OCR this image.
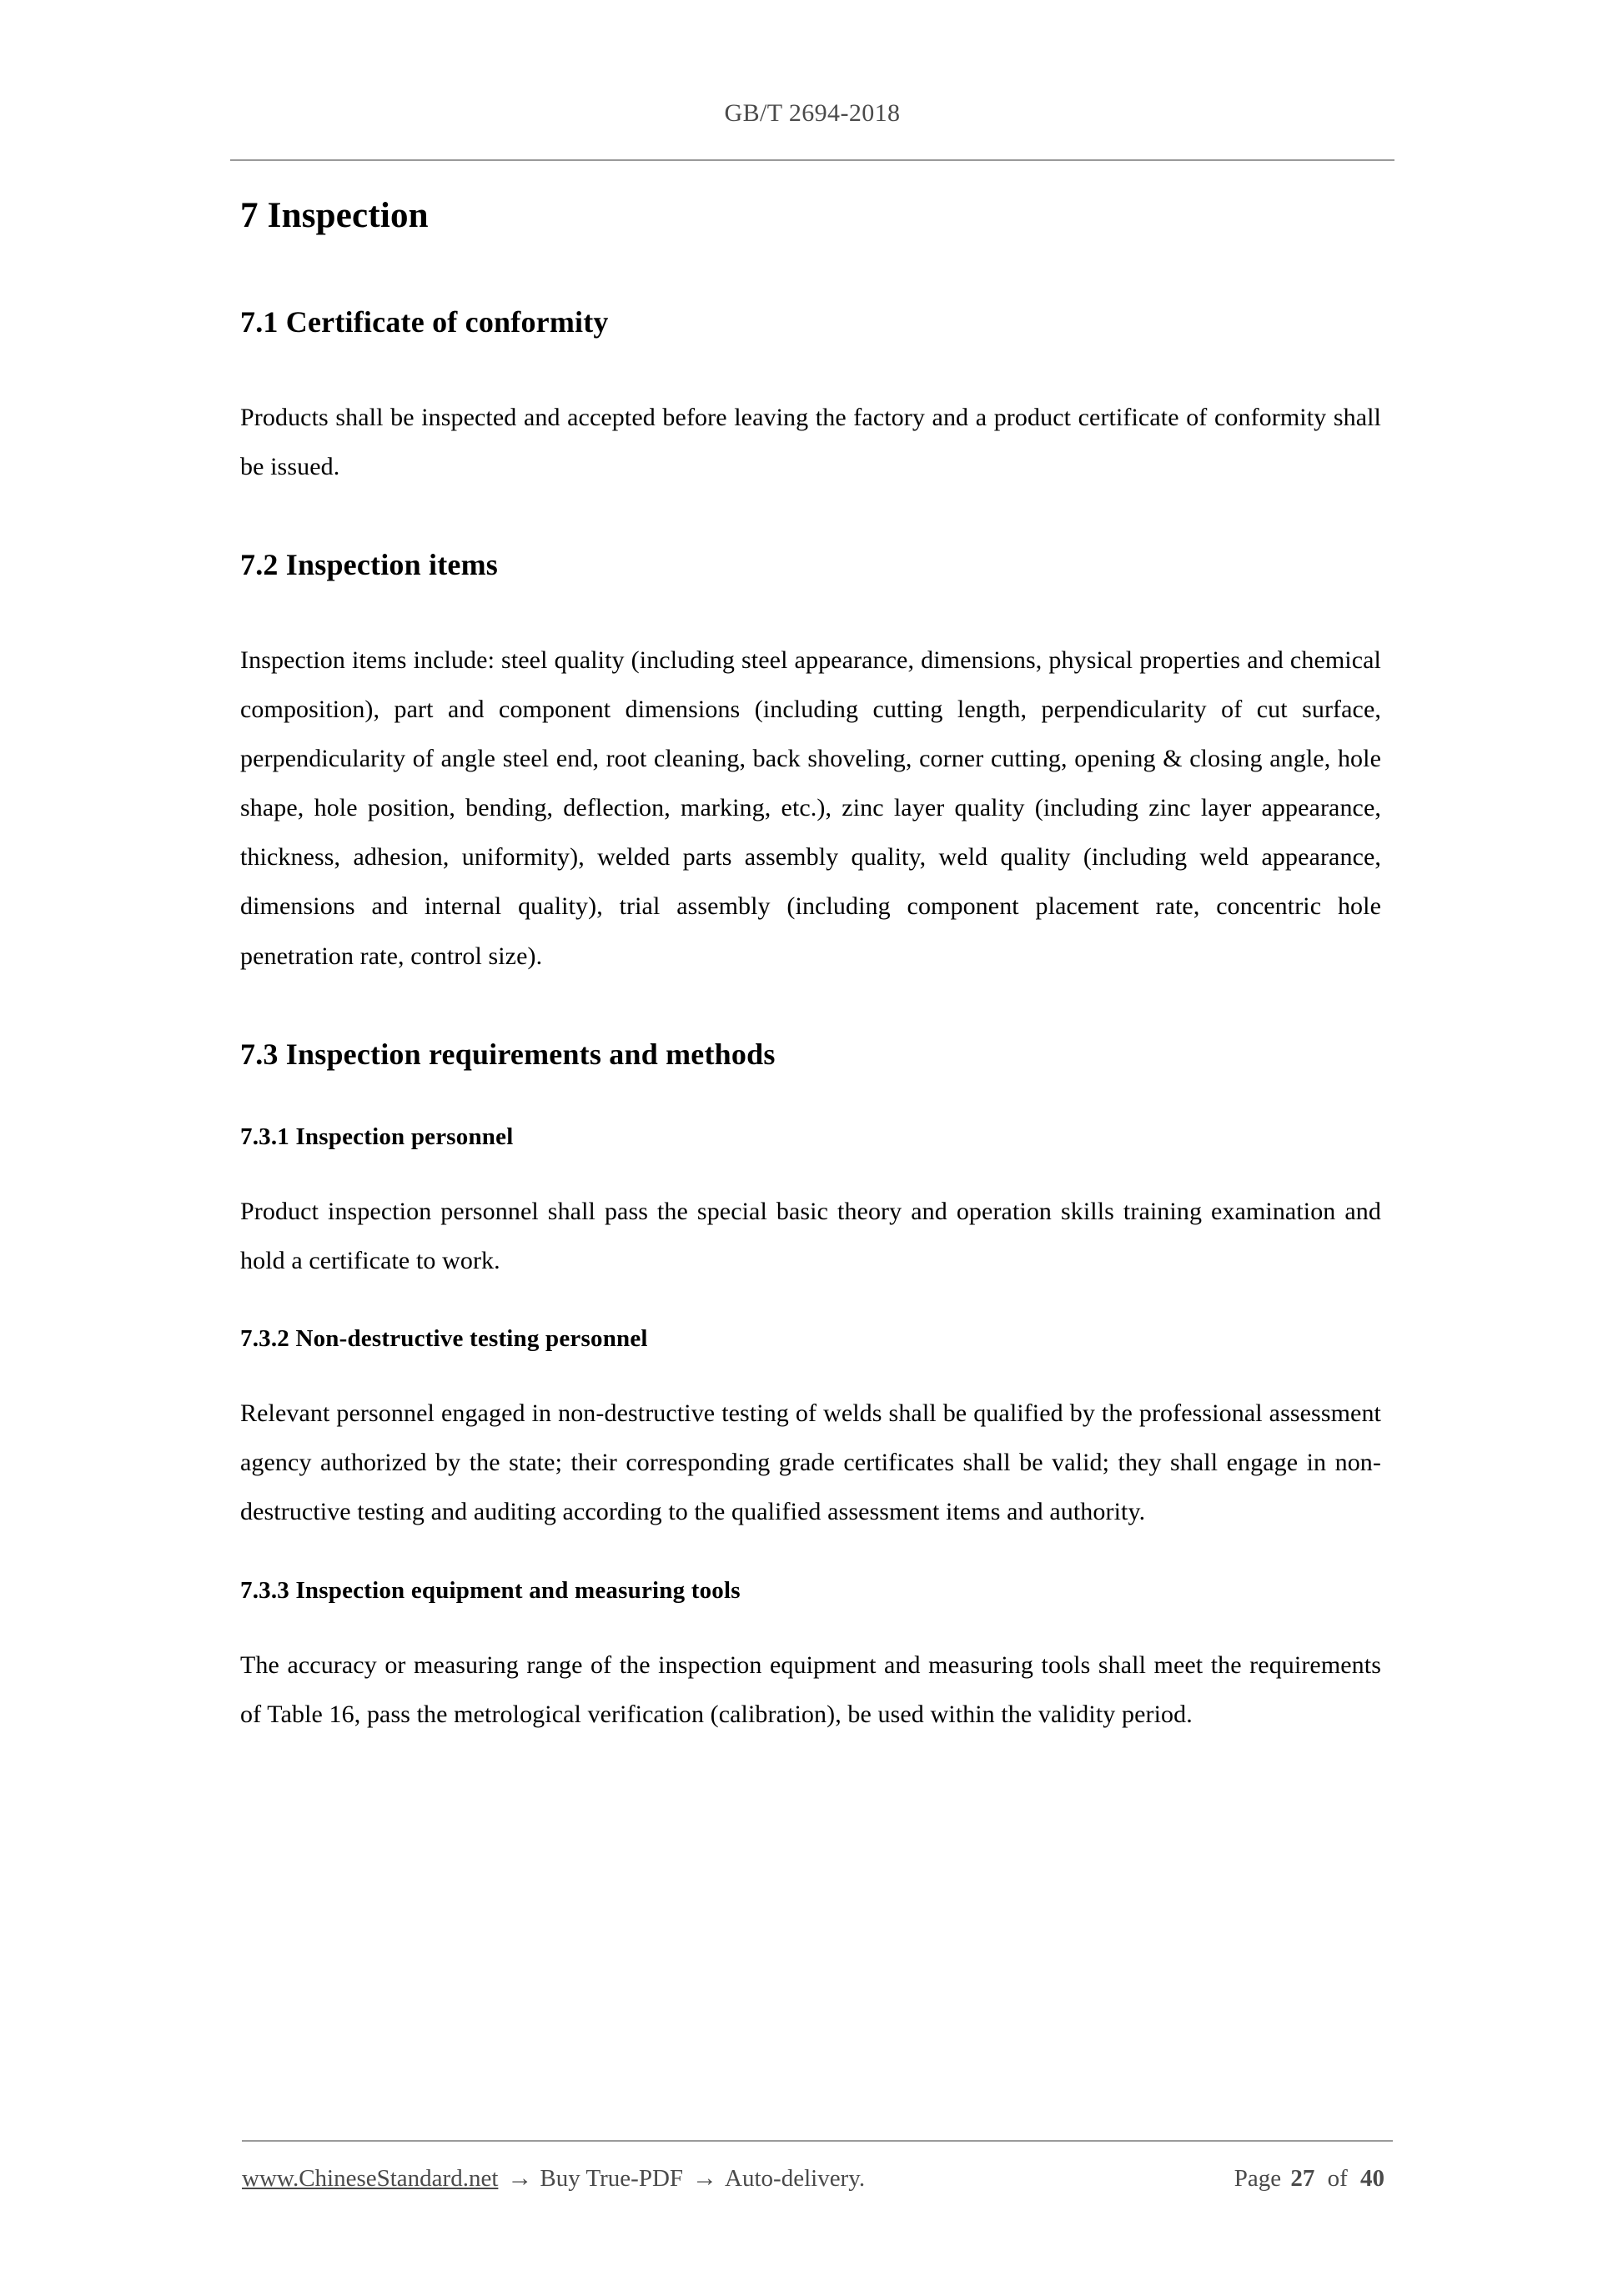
GB/T 2694-2018
7 Inspection
7.1 Certificate of conformity

Products shall be inspected and accepted before leaving the factory and a product certificate of conformity shall be issued.

7.2 Inspection items

Inspection items include: steel quality (including steel appearance, dimensions, physical properties and chemical composition), part and component dimensions (including cutting length, perpendicularity of cut surface, perpendicularity of angle steel end, root cleaning, back shoveling, corner cutting, opening & closing angle, hole shape, hole position, bending, deflection, marking, etc.), zinc layer quality (including zinc layer appearance, thickness, adhesion, uniformity), welded parts assembly quality, weld quality (including weld appearance, dimensions and internal quality), trial assembly (including component placement rate, concentric hole penetration rate, control size).

7.3 Inspection requirements and methods
7.3.1 Inspection personnel

Product inspection personnel shall pass the special basic theory and operation skills training examination and hold a certificate to work.

7.3.2 Non-destructive testing personnel

Relevant personnel engaged in non-destructive testing of welds shall be qualified by the professional assessment agency authorized by the state; their corresponding grade certificates shall be valid; they shall engage in non-destructive testing and auditing according to the qualified assessment items and authority.

7.3.3 Inspection equipment and measuring tools

The accuracy or measuring range of the inspection equipment and measuring tools shall meet the requirements of Table 16, pass the metrological verification (calibration), be used within the validity period.

www.ChineseStandard.net → Buy True-PDF → Auto-delivery.	Page 27 of 40
